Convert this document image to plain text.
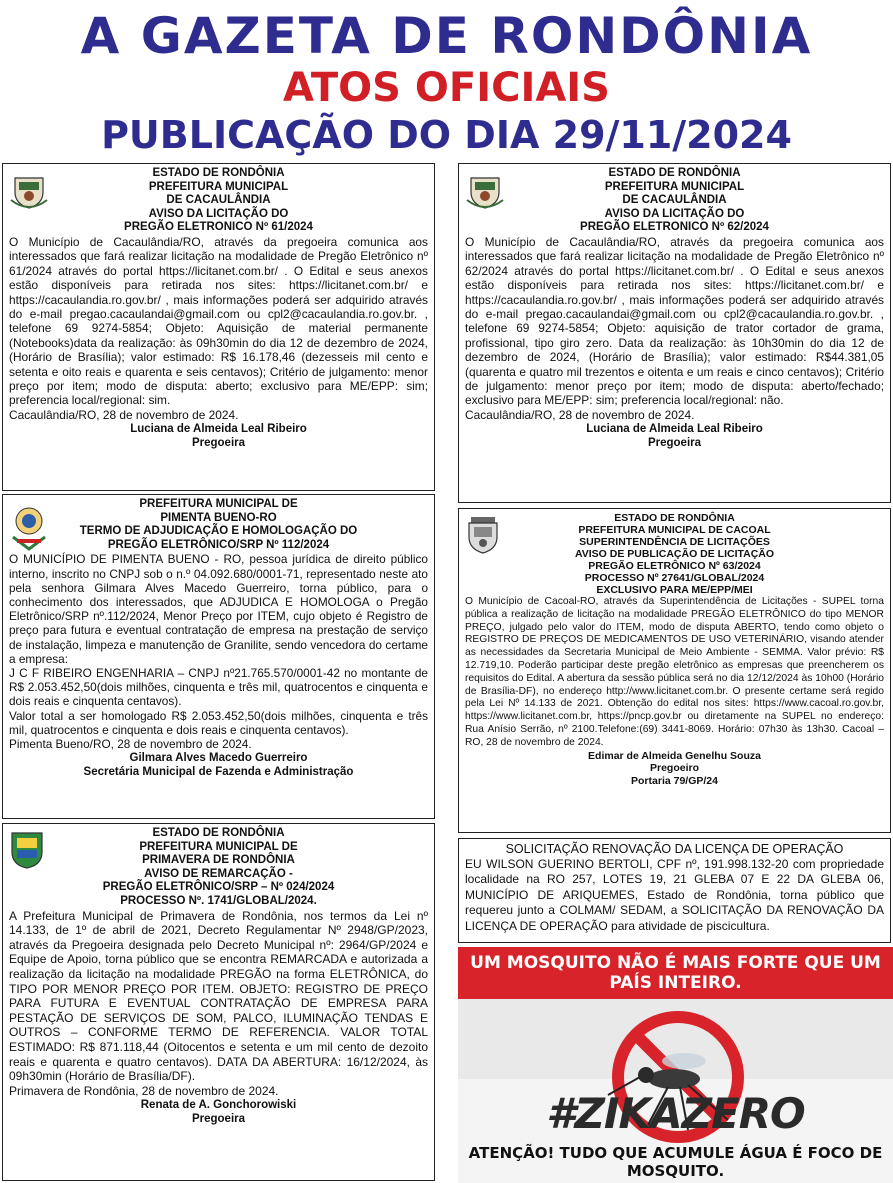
A GAZETA DE RONDÔNIA
ATOS OFICIAIS
PUBLICAÇÃO DO DIA 29/11/2024
ESTADO DE RONDÔNIA
PREFEITURA MUNICIPAL
DE CACAULÂNDIA
AVISO DA LICITAÇÃO DO
PREGÃO ELETRONICO Nº 61/2024

O Município de Cacaulândia/RO, através da pregoeira comunica aos interessados que fará realizar licitação na modalidade de Pregão Eletrônico nº 61/2024 através do portal https://licitanet.com.br/ . O Edital e seus anexos estão disponíveis para retirada nos sites: https://licitanet.com.br/ e https://cacaulandia.ro.gov.br/ , mais informações poderá ser adquirido através do e-mail pregao.cacaulandai@gmail.com ou cpl2@cacaulandia.ro.gov.br. , telefone 69 9274-5854; Objeto: Aquisição de material permanente (Notebooks)data da realização: às 09h30min do dia 12 de dezembro de 2024, (Horário de Brasília); valor estimado: R$ 16.178,46 (dezesseis mil cento e setenta e oito reais e quarenta e seis centavos); Critério de julgamento: menor preço por item; modo de disputa: aberto; exclusivo para ME/EPP: sim; preferencia local/regional: sim.

Cacaulândia/RO, 28 de novembro de 2024.

Luciana de Almeida Leal Ribeiro
Pregoeira
ESTADO DE RONDÔNIA
PREFEITURA MUNICIPAL
DE CACAULÂNDIA
AVISO DA LICITAÇÃO DO
PREGÃO ELETRONICO Nº 62/2024

O Município de Cacaulândia/RO, através da pregoeira comunica aos interessados que fará realizar licitação na modalidade de Pregão Eletrônico nº 62/2024 através do portal https://licitanet.com.br/ . O Edital e seus anexos estão disponíveis para retirada nos sites: https://licitanet.com.br/ e https://cacaulandia.ro.gov.br/ , mais informações poderá ser adquirido através do e-mail pregao.cacaulandai@gmail.com ou cpl2@cacaulandia.ro.gov.br. , telefone 69 9274-5854; Objeto: aquisição de trator cortador de grama, profissional, tipo giro zero. Data da realização: às 10h30min do dia 12 de dezembro de 2024, (Horário de Brasília); valor estimado: R$44.381,05 (quarenta e quatro mil trezentos e oitenta e um reais e cinco centavos); Critério de julgamento: menor preço por item; modo de disputa: aberto/fechado; exclusivo para ME/EPP: sim; preferencia local/regional: não.

Cacaulândia/RO, 28 de novembro de 2024.

Luciana de Almeida Leal Ribeiro
Pregoeira
PREFEITURA MUNICIPAL DE
PIMENTA BUENO-RO
TERMO DE ADJUDICAÇÃO E HOMOLOGAÇÃO DO
PREGÃO ELETRÔNICO/SRP Nº 112/2024

O MUNICÍPIO DE PIMENTA BUENO - RO, pessoa jurídica de direito público interno, inscrito no CNPJ sob o n.º 04.092.680/0001-71, representado neste ato pela senhora Gilmara Alves Macedo Guerreiro, torna público, para o conhecimento dos interessados, que ADJUDICA E HOMOLOGA o Pregão Eletrônico/SRP nº.112/2024, Menor Preço por ITEM, cujo objeto é Registro de preço para futura e eventual contratação de empresa na prestação de serviço de instalação, limpeza e manutenção de Granilite, sendo vencedora do certame a empresa:

J C F RIBEIRO ENGENHARIA – CNPJ nº21.765.570/0001-42 no montante de R$ 2.053.452,50(dois milhões, cinquenta e três mil, quatrocentos e cinquenta e dois reais e cinquenta centavos).

Valor total a ser homologado R$ 2.053.452,50(dois milhões, cinquenta e três mil, quatrocentos e cinquenta e dois reais e cinquenta centavos).

Pimenta Bueno/RO, 28 de novembro de 2024.

Gilmara Alves Macedo Guerreiro
Secretária Municipal de Fazenda e Administração
ESTADO DE RONDÔNIA
PREFEITURA MUNICIPAL DE CACOAL
SUPERINTENDÊNCIA DE LICITAÇÕES
AVISO DE PUBLICAÇÃO DE LICITAÇÃO
PREGÃO ELETRÔNICO Nº 63/2024
PROCESSO Nº 27641/GLOBAL/2024
EXCLUSIVO PARA ME/EPP/MEI

O Município de Cacoal-RO, através da Superintendência de Licitações - SUPEL torna pública a realização de licitação na modalidade PREGÃO ELETRÔNICO do tipo MENOR PREÇO, julgado pelo valor do ITEM, modo de disputa ABERTO, tendo como objeto o REGISTRO DE PREÇOS DE MEDICAMENTOS DE USO VETERINÁRIO, visando atender as necessidades da Secretaria Municipal de Meio Ambiente - SEMMA. Valor prévio: R$ 12.719,10. Poderão participar deste pregão eletrônico as empresas que preencherem os requisitos do Edital. A abertura da sessão pública será no dia 12/12/2024 às 10h00 (Horário de Brasília-DF), no endereço http://www.licitanet.com.br. O presente certame será regido pela Lei Nº 14.133 de 2021. Obtenção do edital nos sites: https://www.cacoal.ro.gov.br, https://www.licitanet.com.br, https://pncp.gov.br ou diretamente na SUPEL no endereço: Rua Anísio Serrão, nº 2100.Telefone:(69) 3441-8069. Horário: 07h30 às 13h30. Cacoal – RO, 28 de novembro de 2024.

Edimar de Almeida Genelhu Souza
Pregoeiro
Portaria 79/GP/24
SOLICITAÇÃO RENOVAÇÃO DA LICENÇA DE OPERAÇÃO

EU WILSON GUERINO BERTOLI, CPF nº, 191.998.132-20 com propriedade localidade na RO 257, LOTES 19, 21 GLEBA 07 E 22 DA GLEBA 06, MUNICÍPIO DE ARIQUEMES, Estado de Rondônia, torna público que requereu junto a COLMAM/ SEDAM, a SOLICITAÇÃO DA RENOVAÇÃO DA LICENÇA DE OPERAÇÃO para atividade de piscicultura.

ESTADO DE RONDÔNIA
PREFEITURA MUNICIPAL DE
PRIMAVERA DE RONDÔNIA
AVISO DE REMARCAÇÃO -
PREGÃO ELETRÔNICO/SRP – Nº 024/2024
PROCESSO Nº. 1741/GLOBAL/2024.

A Prefeitura Municipal de Primavera de Rondônia, nos termos da Lei nº 14.133, de 1º de abril de 2021, Decreto Regulamentar Nº 2948/GP/2023, através da Pregoeira designada pelo Decreto Municipal nº: 2964/GP/2024 e Equipe de Apoio, torna público que se encontra REMARCADA e autorizada a realização da licitação na modalidade PREGÃO na forma ELETRÔNICA, do TIPO POR MENOR PREÇO POR ITEM. OBJETO: REGISTRO DE PREÇO PARA FUTURA E EVENTUAL CONTRATAÇÃO DE EMPRESA PARA PESTAÇÃO DE SERVIÇOS DE SOM, PALCO, ILUMINAÇÃO TENDAS E OUTROS – CONFORME TERMO DE REFERENCIA. VALOR TOTAL ESTIMADO: R$ 871.118,44 (Oitocentos e setenta e um mil cento de dezoito reais e quarenta e quatro centavos). DATA DA ABERTURA: 16/12/2024, às 09h30min (Horário de Brasília/DF).

Primavera de Rondônia, 28 de novembro de 2024.

Renata de A. Gonchorowiski
Pregoeira
UM MOSQUITO NÃO É MAIS FORTE QUE UM PAÍS INTEIRO.
#ZIKAZERO
ATENÇÃO! TUDO QUE ACUMULE ÁGUA É FOCO DE MOSQUITO.
